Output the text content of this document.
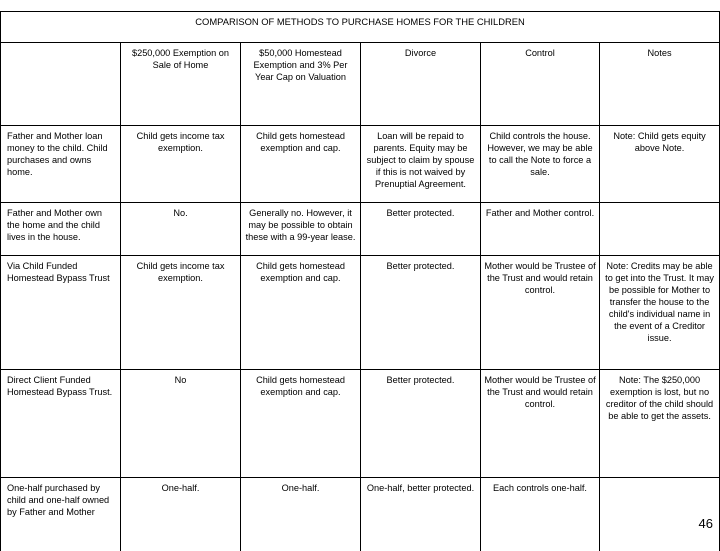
COMPARISON OF METHODS TO PURCHASE HOMES FOR THE CHILDREN					
	$250,000 Exemption on Sale of Home	$50,000 Homestead Exemption and 3% Per Year Cap on Valuation	Divorce	Control	Notes
Father and Mother loan money to the child. Child purchases and owns home.	Child gets income tax exemption.	Child gets homestead exemption and cap.	Loan will be repaid to parents. Equity may be subject to claim by spouse if this is not waived by Prenuptial Agreement.	Child controls the house. However, we may be able to call the Note to force a sale.	Note: Child gets equity above Note.
Father and Mother own the home and the child lives in the house.	No.	Generally no. However, it may be possible to obtain these with a 99-year lease.	Better protected.	Father and Mother control.	
Via Child Funded Homestead Bypass Trust	Child gets income tax exemption.	Child gets homestead exemption and cap.	Better protected.	Mother would be Trustee of the Trust and would retain control.	Note: Credits may be able to get into the Trust. It may be possible for Mother to transfer the house to the child's individual name in the event of a Creditor issue.
Direct Client Funded Homestead Bypass Trust.	No	Child gets homestead exemption and cap.	Better protected.	Mother would be Trustee of the Trust and would retain control.	Note: The $250,000 exemption is lost, but no creditor of the child should be able to get the assets.
One-half purchased by child and one-half owned by Father and Mother	One-half.	One-half.	One-half, better protected.	Each controls one-half.	
46
